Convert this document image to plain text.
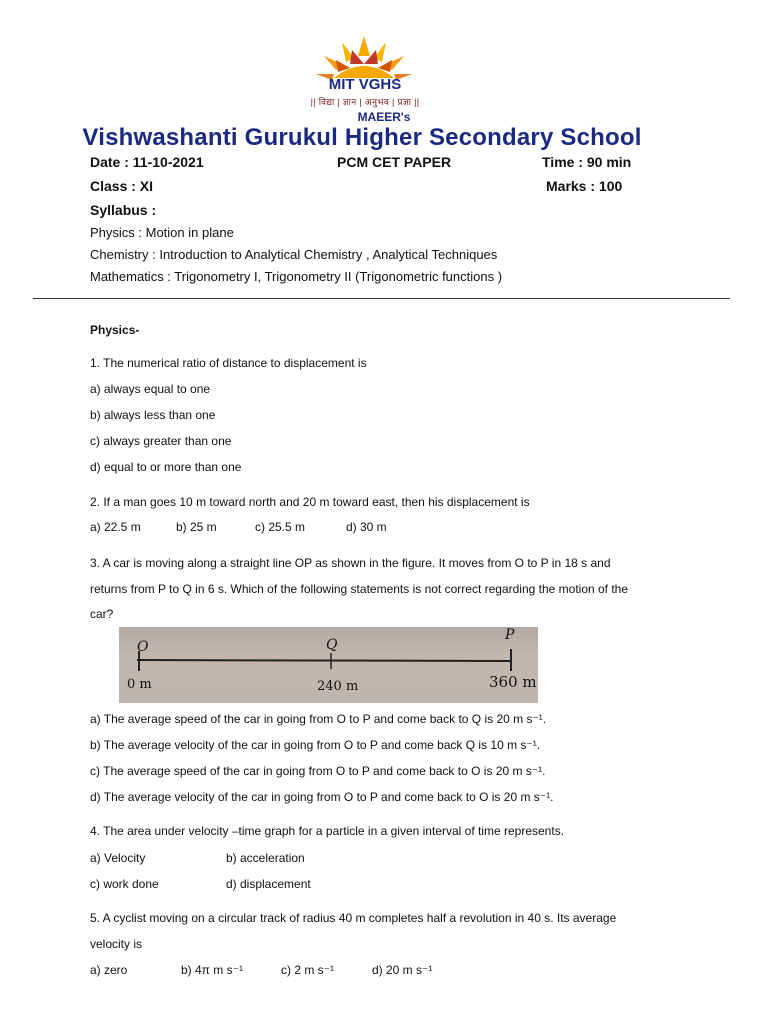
MIT VGHS
|| विद्या | ज्ञान | अनुभव | प्रज्ञा ||
MAEER's
Vishwashanti Gurukul Higher Secondary School
Date : 11-10-2021	PCM CET PAPER	Time : 90 min
Class : XI	Marks : 100
Syllabus :
Physics : Motion in plane
Chemistry : Introduction to Analytical Chemistry , Analytical Techniques
Mathematics : Trigonometry I, Trigonometry II (Trigonometric functions )
Physics-
1. The numerical ratio of distance to displacement is
a) always equal to one
b) always less than one
c) always greater than one
d) equal to or more than one
2. If a man goes 10 m toward north and 20 m toward east, then his displacement is
a) 22.5 m	b) 25 m	c) 25.5 m	d) 30 m
3. A car is moving along a straight line OP as shown in the figure. It moves from O to P in 18 s and
returns from P to Q in 6 s. Which of the following statements is not correct regarding the motion of the
car?
O	Q
P
0 m	240 m	360 m
a) The average speed of the car in going from O to P and come back to Q is 20 m s⁻¹.
b) The average velocity of the car in going from O to P and come back Q is 10 m s⁻¹.
c) The average speed of the car in going from O to P and come back to O is 20 m s⁻¹.
d) The average velocity of the car in going from O to P and come back to O is 20 m s⁻¹.
4. The area under velocity –time graph for a particle in a given interval of time represents.
a) Velocity	b) acceleration
c) work done	d) displacement
5. A cyclist moving on a circular track of radius 40 m completes half a revolution in 40 s. Its average
velocity is
a) zero	b) 4π m s⁻¹	c) 2 m s⁻¹	d) 20 m s⁻¹
